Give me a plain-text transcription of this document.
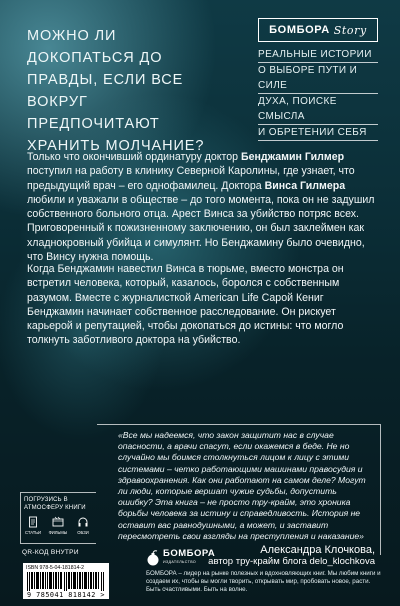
МОЖНО ЛИ ДОКОПАТЬСЯ ДО ПРАВДЫ, ЕСЛИ ВСЕ ВОКРУГ ПРЕДПОЧИТАЮТ ХРАНИТЬ МОЛЧАНИЕ?
БОМБОРА Story
РЕАЛЬНЫЕ ИСТОРИИ
О ВЫБОРЕ ПУТИ И СИЛЕ
ДУХА, ПОИСКЕ СМЫСЛА
И ОБРЕТЕНИИ СЕБЯ
Только что окончивший ординатуру доктор Бенджамин Гилмер поступил на работу в клинику Северной Каролины, где узнает, что предыдущий врач – его однофамилец. Доктора Винса Гилмера любили и уважали в обществе – до того момента, пока он не задушил собственного больного отца. Арест Винса за убийство потряс всех. Приговоренный к пожизненному заключению, он был заклеймен как хладнокровный убийца и симулянт. Но Бенджамину было очевидно, что Винсу нужна помощь.
Когда Бенджамин навестил Винса в тюрьме, вместо монстра он встретил человека, который, казалось, боролся с собственным разумом. Вместе с журналисткой American Life Сарой Кениг Бенджамин начинает собственное расследование. Он рискует карьерой и репутацией, чтобы докопаться до истины: что могло толкнуть заботливого доктора на убийство.
«Все мы надеемся, что закон защитит нас в случае опасности, а врачи спасут, если окажемся в беде. Не но случайно мы боимся столкнуться лицом к лицу с этими системами – четко работающими машинами правосудия и здравоохранения. Как они работают на самом деле? Могут ли люди, которые вершат чужие судьбы, допустить ошибку? Эта книга – не просто тру-крайм, это хроника борьбы человека за истину и справедливость. История не оставит вас равнодушными, а может, и заставит пересмотреть свои взгляды на преступления и наказание»
Александра Клочкова,
автор тру-крайм блога delo_klochkova
ПОГРУЗИСЬ В АТМОСФЕРУ КНИГИ
СТАТЬИ ФИЛЬМЫ ОБЗИ
QR-КОД ВНУТРИ
ISBN 978-5-04-181814-2
9 785041 818142 >
БОМБОРА
ИЗДАТЕЛЬСТВО
БОМБОРА – лидер на рынке полезных и вдохновляющих книг. Мы любим книги и создаем их, чтобы вы могли творить, открывать мир, пробовать новое, расти. Быть счастливыми. Быть на волне.
